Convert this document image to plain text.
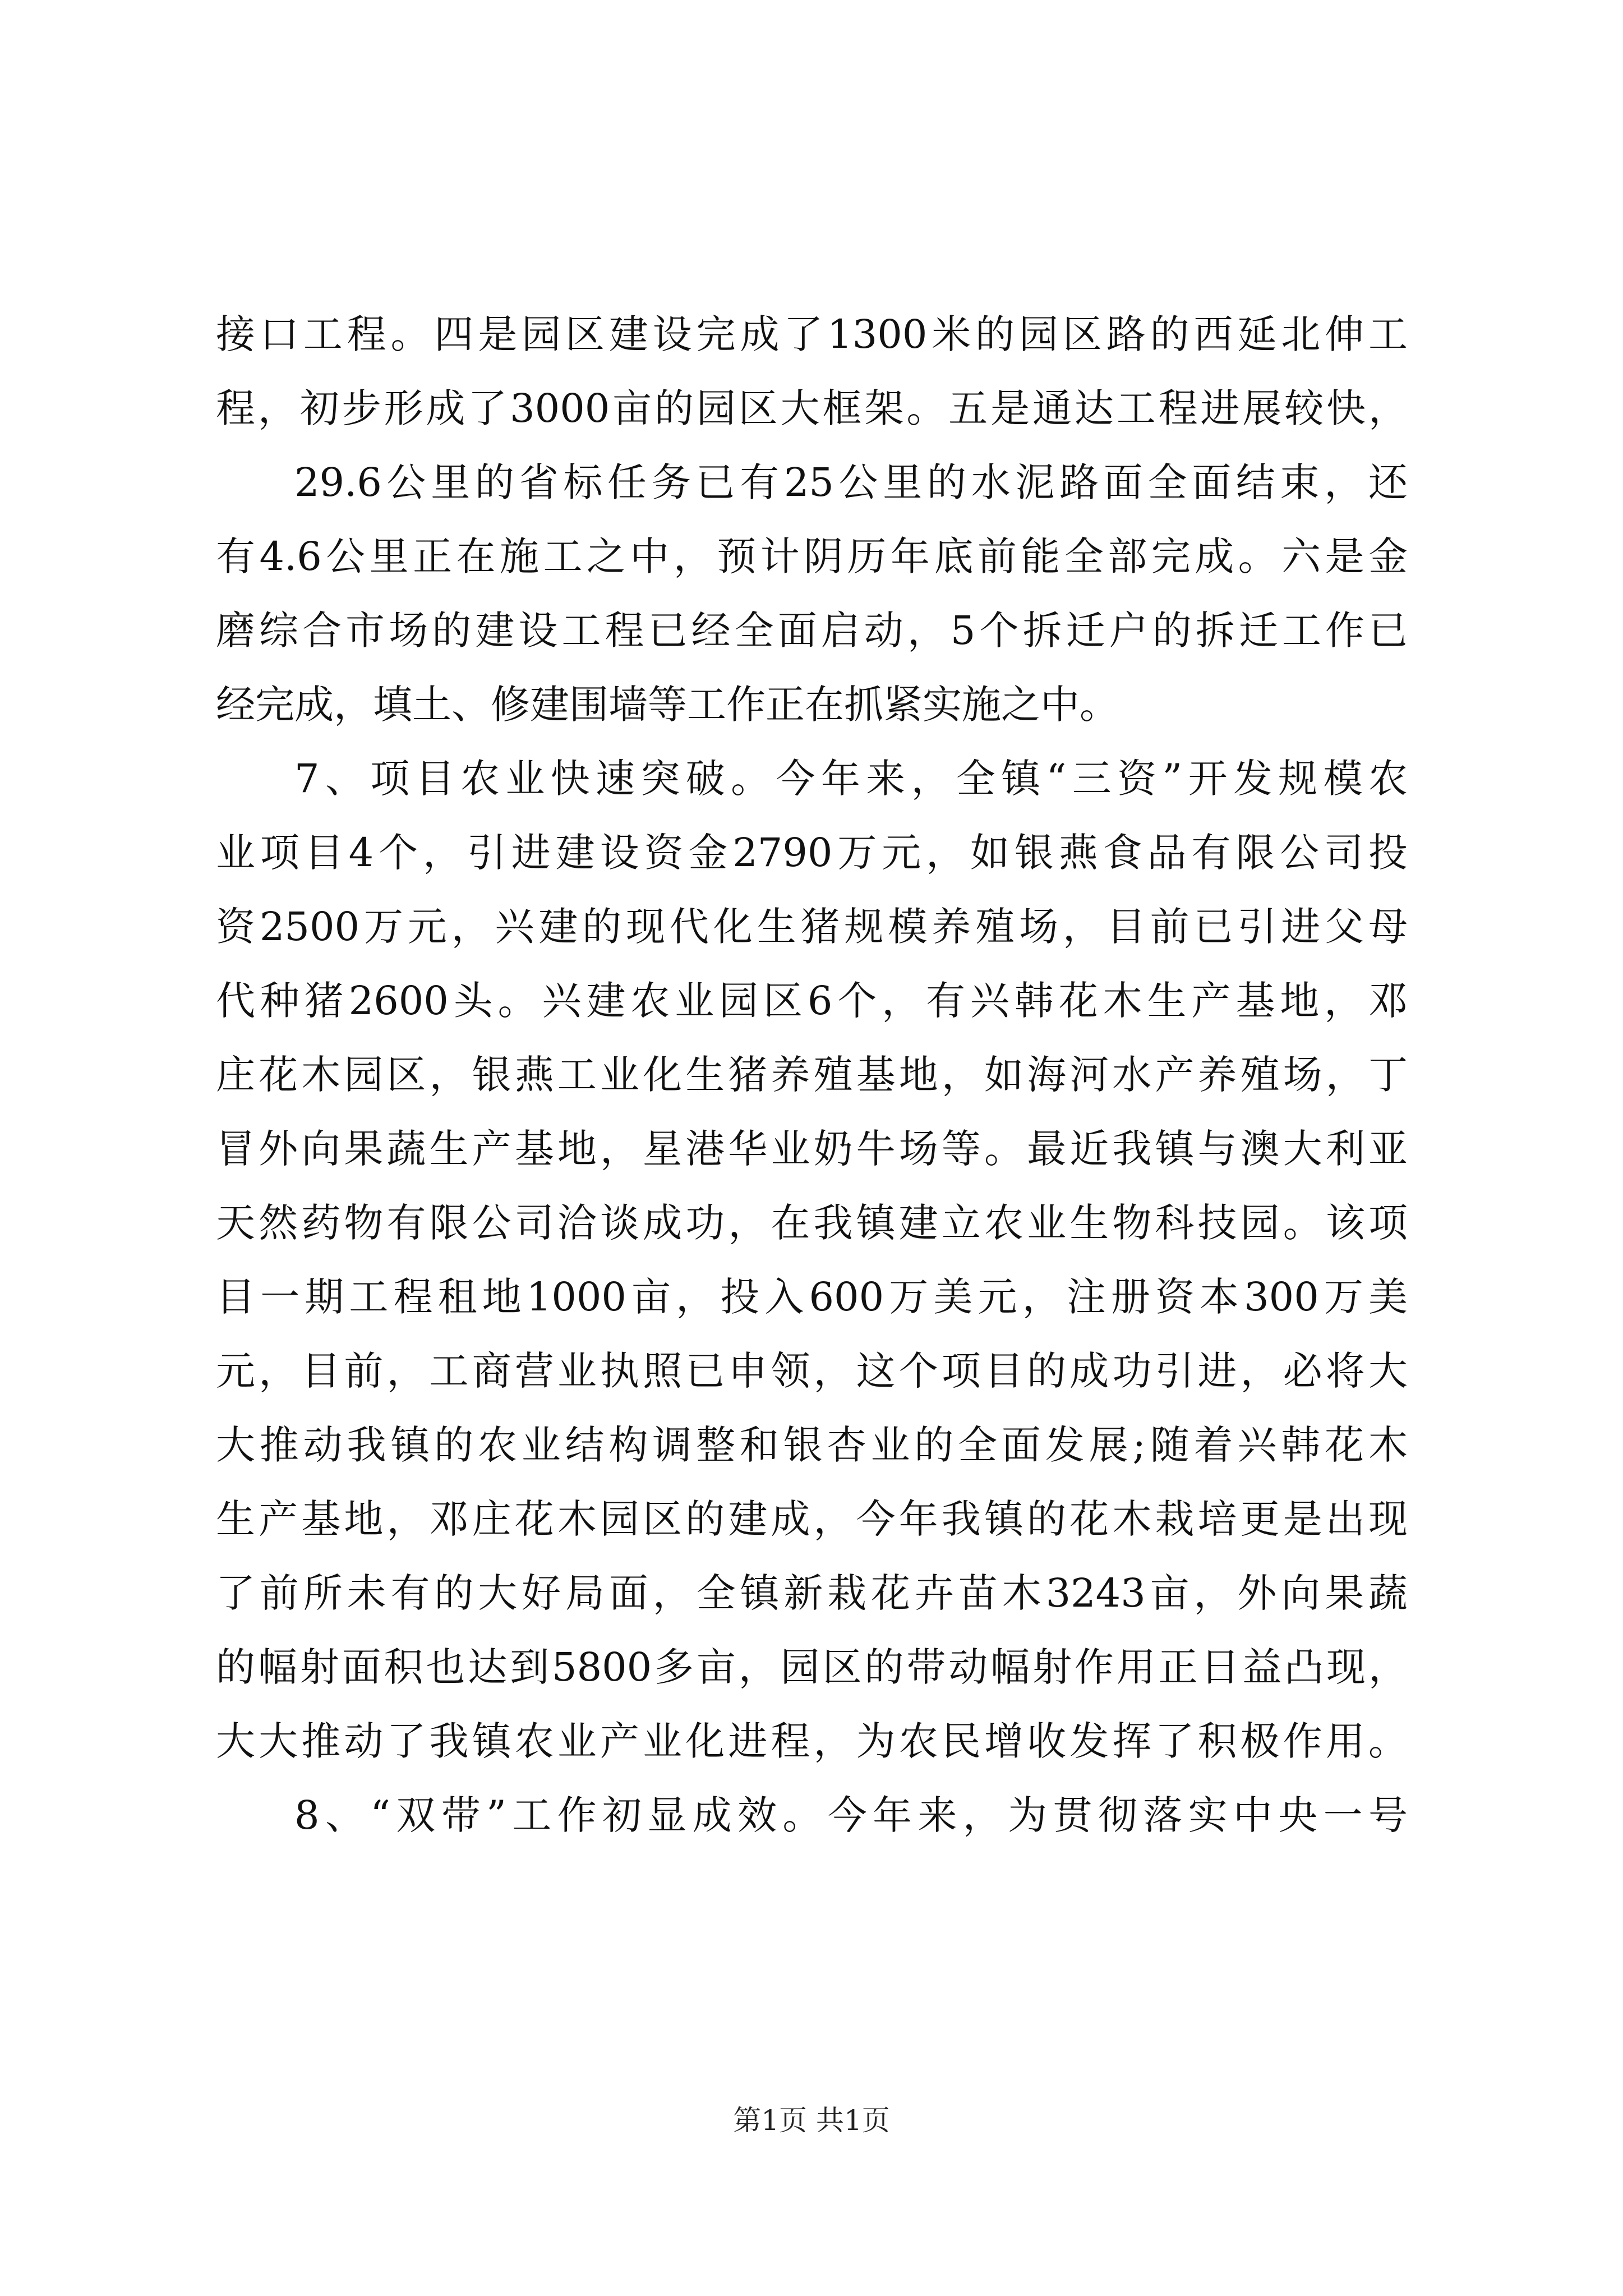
接口工程。四是园区建设完成了1300米的园区路的西延北伸工
程，初步形成了3000亩的园区大框架。五是通达工程进展较快，
29.6公里的省标任务已有25公里的水泥路面全面结束，还
有4.6公里正在施工之中，预计阴历年底前能全部完成。六是金
磨综合市场的建设工程已经全面启动，5个拆迁户的拆迁工作已
经完成，填土、修建围墙等工作正在抓紧实施之中。
7、项目农业快速突破。今年来，全镇“三资”开发规模农
业项目4个，引进建设资金2790万元，如银燕食品有限公司投
资2500万元，兴建的现代化生猪规模养殖场，目前已引进父母
代种猪2600头。兴建农业园区6个，有兴韩花木生产基地，邓
庄花木园区，银燕工业化生猪养殖基地，如海河水产养殖场，丁
冒外向果蔬生产基地，星港华业奶牛场等。最近我镇与澳大利亚
天然药物有限公司洽谈成功，在我镇建立农业生物科技园。该项
目一期工程租地1000亩，投入600万美元，注册资本300万美
元，目前，工商营业执照已申领，这个项目的成功引进，必将大
大推动我镇的农业结构调整和银杏业的全面发展;随着兴韩花木
生产基地，邓庄花木园区的建成，今年我镇的花木栽培更是出现
了前所未有的大好局面，全镇新栽花卉苗木3243亩，外向果蔬
的幅射面积也达到5800多亩，园区的带动幅射作用正日益凸现，
大大推动了我镇农业产业化进程，为农民增收发挥了积极作用。
8、“双带”工作初显成效。今年来，为贯彻落实中央一号
第1页 共1页
